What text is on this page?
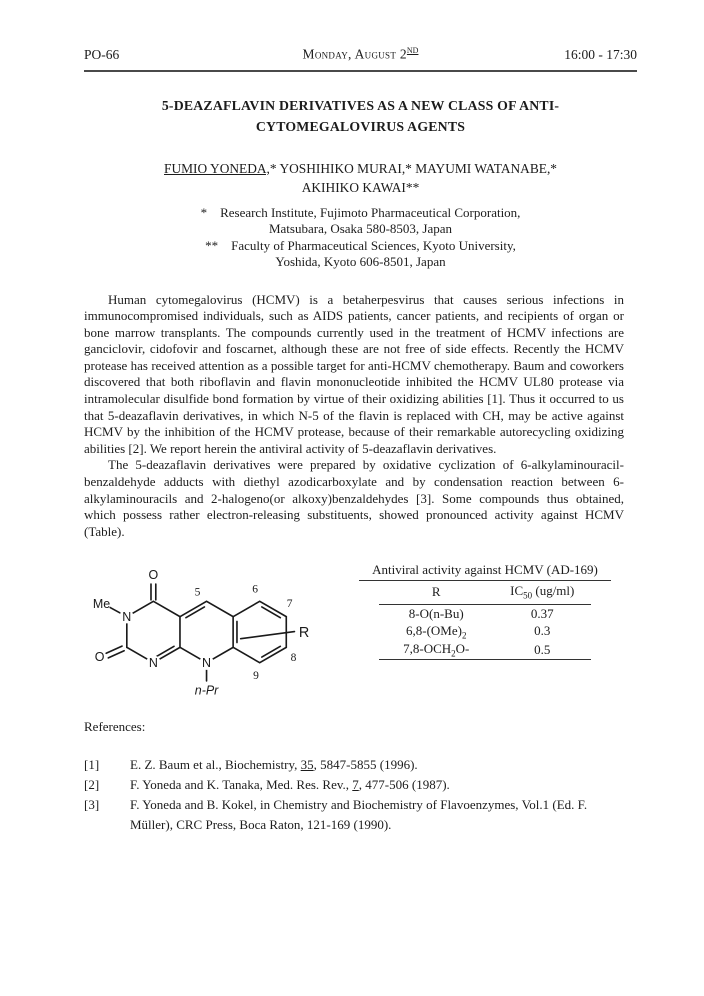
PO-66	Monday, August 2ND	16:00 - 17:30
5-DEAZAFLAVIN DERIVATIVES AS A NEW CLASS OF ANTI-
CYTOMEGALOVIRUS AGENTS
FUMIO YONEDA,* YOSHIHIKO MURAI,* MAYUMI WATANABE,*
AKIHIKO KAWAI**
* Research Institute, Fujimoto Pharmaceutical Corporation,
Matsubara, Osaka 580-8503, Japan
** Faculty of Pharmaceutical Sciences, Kyoto University,
Yoshida, Kyoto 606-8501, Japan

Human cytomegalovirus (HCMV) is a betaherpesvirus that causes serious infections in immunocompromised individuals, such as AIDS patients, cancer patients, and recipients of organ or bone marrow transplants. The compounds currently used in the treatment of HCMV infections are ganciclovir, cidofovir and foscarnet, although these are not free of side effects. Recently the HCMV protease has received attention as a possible target for anti-HCMV chemotherapy. Baum and coworkers discovered that both riboflavin and flavin mononucleotide inhibited the HCMV UL80 protease via intramolecular disulfide bond formation by virtue of their oxidizing abilities [1]. Thus it occurred to us that 5-deazaflavin derivatives, in which N-5 of the flavin is replaced with CH, may be active against HCMV by the inhibition of the HCMV protease, because of their remarkable autorecycling oxidizing abilities [2]. We report herein the antiviral activity of 5-deazaflavin derivatives.

The 5-deazaflavin derivatives were prepared by oxidative cyclization of 6-alkylaminouracil-benzaldehyde adducts with diethyl azodicarboxylate and by condensation reaction between 6-alkylaminouracils and 2-halogeno(or alkoxy)benzaldehydes [3]. Some compounds thus obtained, which possess rather electron-releasing substituents, showed pronounced activity against HCMV (Table).

O
O
N
N	N
Me
n-Pr
R
5	6
7
8
9
Antiviral activity against HCMV (AD-169)
R	$IC_{50}$ (ug/ml)
8-O(n-Bu)	0.37
$6,8-(OMe)_2$	0.3
$7,8-OCH_2O-$	0.5
References:
[1]	E. Z. Baum et al., Biochemistry, 35, 5847-5855 (1996).
[2]	F. Yoneda and K. Tanaka, Med. Res. Rev., 7, 477-506 (1987).
[3]	F. Yoneda and B. Kokel, in Chemistry and Biochemistry of Flavoenzymes, Vol.1 (Ed. F. Müller), CRC Press, Boca Raton, 121-169 (1990).
